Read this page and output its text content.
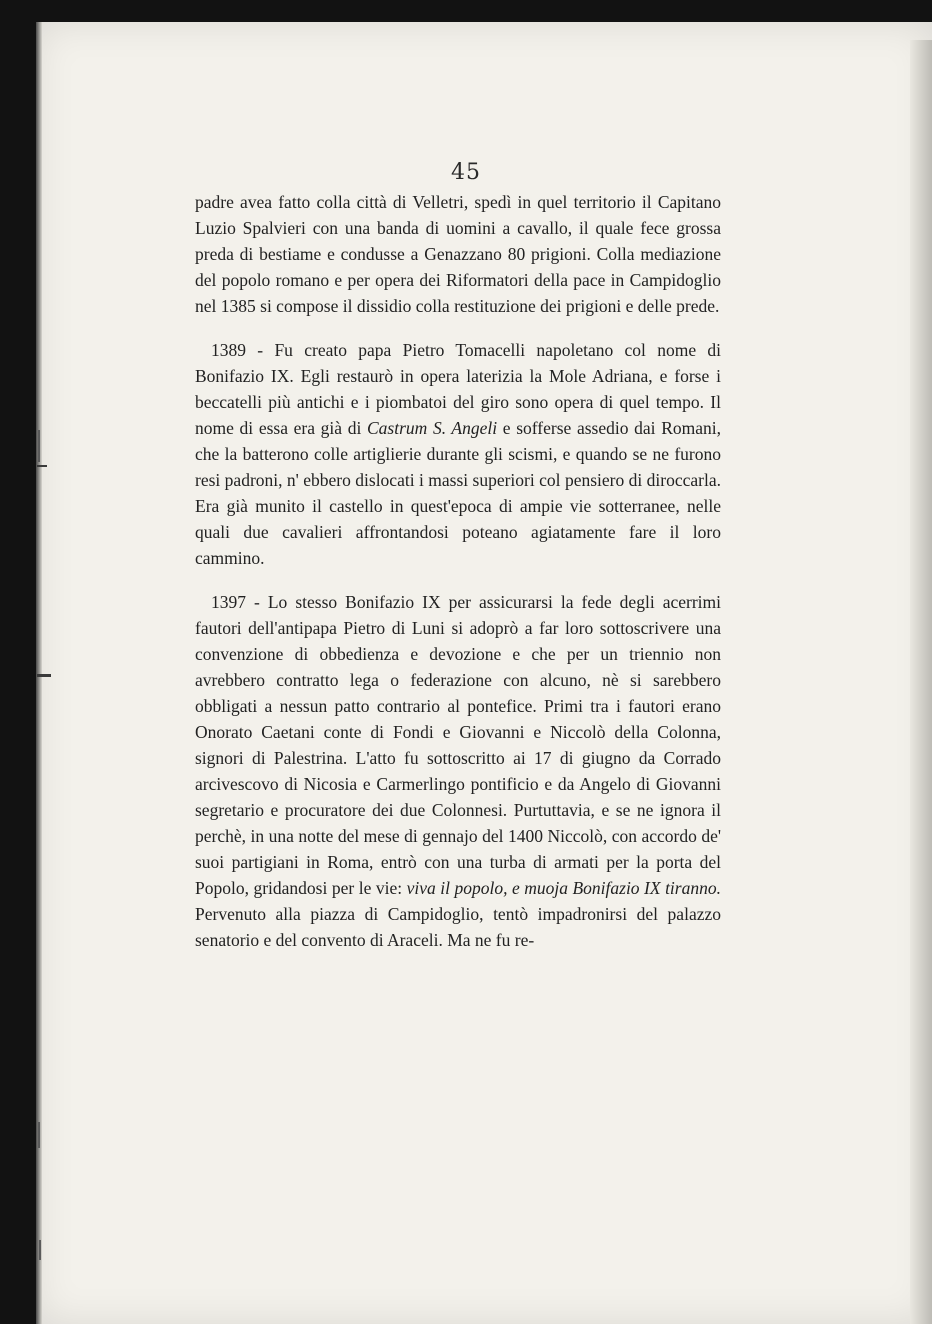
45

padre avea fatto colla città di Velletri, spedì in quel territorio il Capitano Luzio Spalvieri con una banda di uomini a cavallo, il quale fece grossa preda di bestiame e condusse a Genazzano 80 prigioni. Colla mediazione del popolo romano e per opera dei Riformatori della pace in Campidoglio nel 1385 si compose il dissidio colla restituzione dei prigioni e delle prede.

1389 - Fu creato papa Pietro Tomacelli napoletano col nome di Bonifazio IX. Egli restaurò in opera laterizia la Mole Adriana, e forse i beccatelli più antichi e i piombatoi del giro sono opera di quel tempo. Il nome di essa era già di Castrum S. Angeli e sofferse assedio dai Romani, che la batterono colle artiglierie durante gli scismi, e quando se ne furono resi padroni, n' ebbero dislocati i massi superiori col pensiero di diroccarla. Era già munito il castello in quest'epoca di ampie vie sotterranee, nelle quali due cavalieri affrontandosi poteano agiatamente fare il loro cammino.

1397 - Lo stesso Bonifazio IX per assicurarsi la fede degli acerrimi fautori dell'antipapa Pietro di Luni si adoprò a far loro sottoscrivere una convenzione di obbedienza e devozione e che per un triennio non avrebbero contratto lega o federazione con alcuno, nè si sarebbero obbligati a nessun patto contrario al pontefice. Primi tra i fautori erano Onorato Caetani conte di Fondi e Giovanni e Niccolò della Colonna, signori di Palestrina. L'atto fu sottoscritto ai 17 di giugno da Corrado arcivescovo di Nicosia e Carmerlingo pontificio e da Angelo di Giovanni segretario e procuratore dei due Colonnesi. Purtuttavia, e se ne ignora il perchè, in una notte del mese di gennajo del 1400 Niccolò, con accordo de' suoi partigiani in Roma, entrò con una turba di armati per la porta del Popolo, gridandosi per le vie: viva il popolo, e muoja Bonifazio IX tiranno. Pervenuto alla piazza di Campidoglio, tentò impadronirsi del palazzo senatorio e del convento di Araceli. Ma ne fu re-
